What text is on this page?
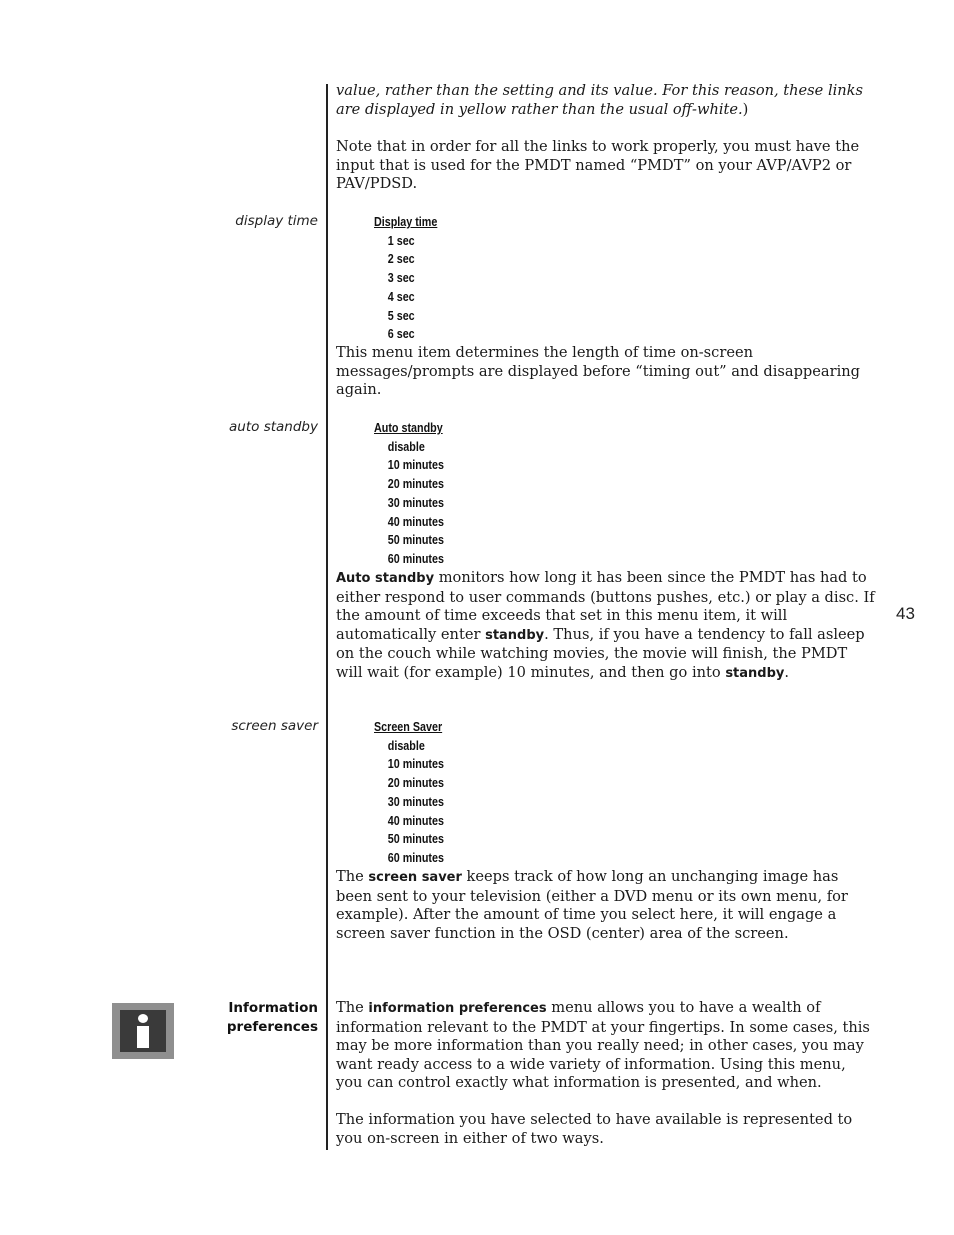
value, rather than the setting and its value. For this reason, these links are displayed in yellow rather than the usual off-white.)
Note that in order for all the links to work properly, you must have the input that is used for the PMDT named “PMDT” on your AVP/AVP2 or PAV/PDSD.
display time	Display time
1 sec
2 sec
3 sec
4 sec
5 sec
6 sec
This menu item determines the length of time on-screen messages/prompts are displayed before “timing out” and disappearing again.
auto standby	Auto standby
disable
10 minutes
20 minutes
30 minutes
40 minutes
50 minutes
60 minutes
Auto standby monitors how long it has been since the PMDT has had to either respond to user commands (buttons pushes, etc.) or play a disc. If the amount of time exceeds that set in this menu item, it will automatically enter standby. Thus, if you have a tendency to fall asleep on the couch while watching movies, the movie will finish, the PMDT will wait (for example) 10 minutes, and then go into standby.
43
screen saver	Screen Saver
disable
10 minutes
20 minutes
30 minutes
40 minutes
50 minutes
60 minutes
The screen saver keeps track of how long an unchanging image has been sent to your television (either a DVD menu or its own menu, for example). After the amount of time you select here, it will engage a screen saver function in the OSD (center) area of the screen.
Information
preferences
The information preferences menu allows you to have a wealth of information relevant to the PMDT at your fingertips. In some cases, this may be more information than you really need; in other cases, you may want ready access to a wide variety of information. Using this menu, you can control exactly what information is presented, and when.
The information you have selected to have available is represented to you on-screen in either of two ways.
